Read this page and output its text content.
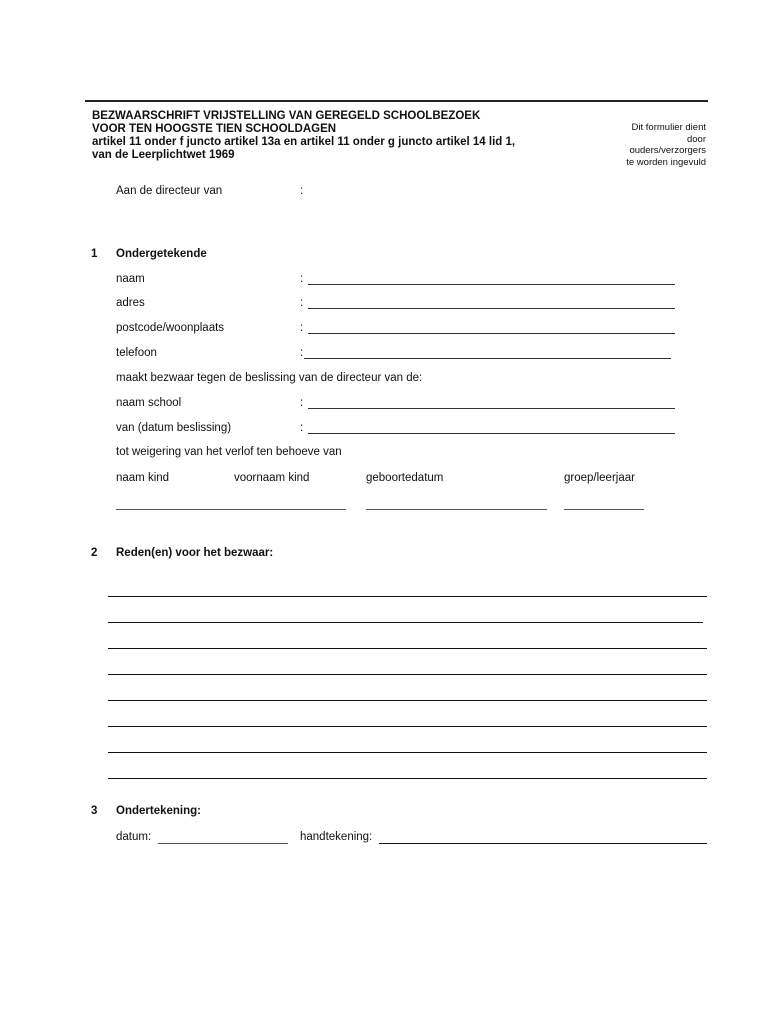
BEZWAARSCHRIFT VRIJSTELLING VAN GEREGELD SCHOOLBEZOEK
VOOR TEN HOOGSTE TIEN SCHOOLDAGEN
artikel 11 onder f juncto artikel 13a en artikel 11 onder g juncto artikel 14 lid 1,
van de Leerplichtwet 1969
Dit formulier dient
door
ouders/verzorgers
te worden ingevuld
Aan de directeur van	:
1 Ondergetekende
naam	:
adres	:
postcode/woonplaats	:
telefoon	:
maakt bezwaar tegen de beslissing van de directeur van de:
naam school	:
van (datum beslissing)	:
tot weigering van het verlof ten behoeve van
naam kind	voornaam kind	geboortedatum	groep/leerjaar
2 Reden(en) voor het bezwaar:
3 Ondertekening:
datum:	handtekening:
